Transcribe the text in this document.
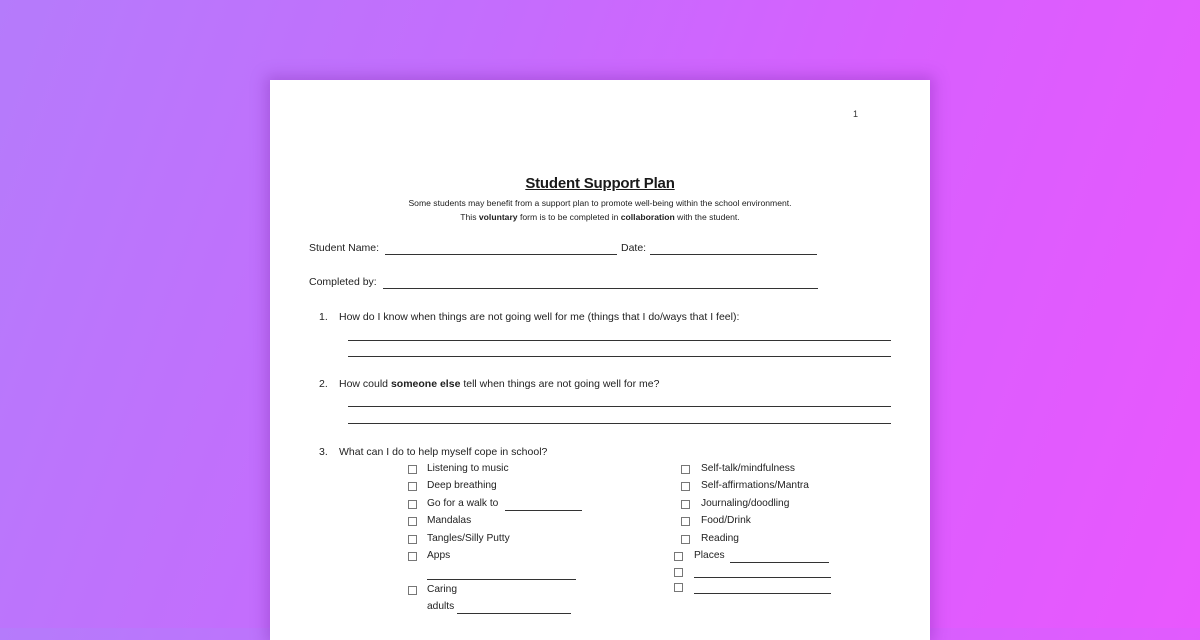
1
Student Support Plan
Some students may benefit from a support plan to promote well-being within the school environment.
This voluntary form is to be completed in collaboration with the student.
Student Name:	Date:
Completed by:
1. How do I know when things are not going well for me (things that I do/ways that I feel):
2. How could someone else tell when things are not going well for me?
3. What can I do to help myself cope in school?
Listening to music
Deep breathing
Go for a walk to
Mandalas
Tangles/Silly Putty
Apps
Caring
adults
Self-talk/mindfulness
Self-affirmations/Mantra
Journaling/doodling
Food/Drink
Reading
Places
